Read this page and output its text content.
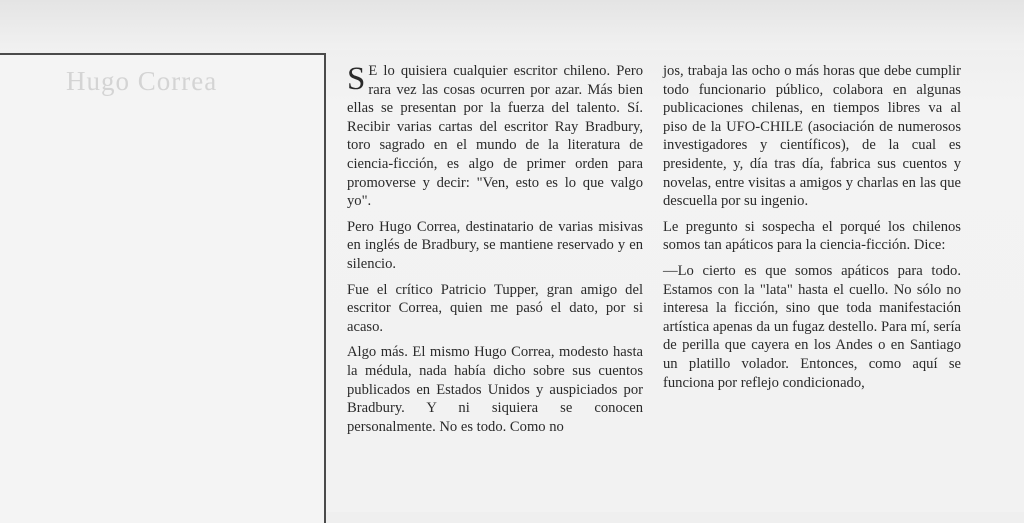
Hugo Correa	S E lo quisiera cualquier escritor chileno. Pero rara vez las cosas ocurren por azar. Más bien ellas se presentan por la fuerza del talento. Sí. Recibir varias cartas del escritor Ray Bradbury, toro sagrado en el mundo de la literatura de ciencia-ficción, es algo de primer orden para promoverse y decir: "Ven, esto es lo que valgo yo".

Pero Hugo Correa, destinatario de varias misivas en inglés de Bradbury, se mantiene reservado y en silencio.

Fue el crítico Patricio Tupper, gran amigo del escritor Correa, quien me pasó el dato, por si acaso.

Algo más. El mismo Hugo Correa, modesto hasta la médula, nada había dicho sobre sus cuentos publicados en Estados Unidos y auspiciados por Bradbury. Y ni siquiera se conocen personalmente. No es todo. Como no

jos, trabaja las ocho o más horas que debe cumplir todo funcionario público, colabora en algunas publicaciones chilenas, en tiempos libres va al piso de la UFO-CHILE (asociación de numerosos investigadores y científicos), de la cual es presidente, y, día tras día, fabrica sus cuentos y novelas, entre visitas a amigos y charlas en las que descuella por su ingenio.

Le pregunto si sospecha el porqué los chilenos somos tan apáticos para la ciencia-ficción. Dice:

—Lo cierto es que somos apáticos para todo. Estamos con la "lata" hasta el cuello. No sólo no interesa la ficción, sino que toda manifestación artística apenas da un fugaz destello. Para mí, sería de perilla que cayera en los Andes o en Santiago un platillo volador. Entonces, como aquí se funciona por reflejo condicionado,
